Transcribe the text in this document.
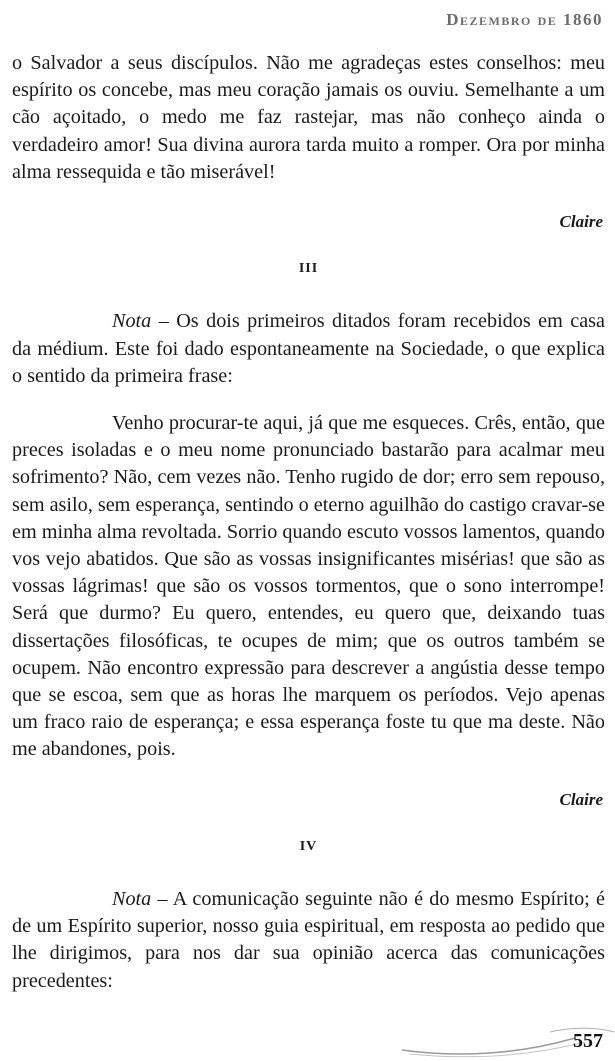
Dezembro de 1860

o Salvador a seus discípulos. Não me agradeças estes conselhos: meu espírito os concebe, mas meu coração jamais os ouviu. Semelhante a um cão açoitado, o medo me faz rastejar, mas não conheço ainda o verdadeiro amor! Sua divina aurora tarda muito a romper. Ora por minha alma ressequida e tão miserável!

Claire
III

Nota – Os dois primeiros ditados foram recebidos em casa da médium. Este foi dado espontaneamente na Sociedade, o que explica o sentido da primeira frase:

Venho procurar-te aqui, já que me esqueces. Crês, então, que preces isoladas e o meu nome pronunciado bastarão para acalmar meu sofrimento? Não, cem vezes não. Tenho rugido de dor; erro sem repouso, sem asilo, sem esperança, sentindo o eterno aguilhão do castigo cravar-se em minha alma revoltada. Sorrio quando escuto vossos lamentos, quando vos vejo abatidos. Que são as vossas insignificantes misérias! que são as vossas lágrimas! que são os vossos tormentos, que o sono interrompe! Será que durmo? Eu quero, entendes, eu quero que, deixando tuas dissertações filosóficas, te ocupes de mim; que os outros também se ocupem. Não encontro expressão para descrever a angústia desse tempo que se escoa, sem que as horas lhe marquem os períodos. Vejo apenas um fraco raio de esperança; e essa esperança foste tu que ma deste. Não me abandones, pois.

Claire
IV

Nota – A comunicação seguinte não é do mesmo Espírito; é de um Espírito superior, nosso guia espiritual, em resposta ao pedido que lhe dirigimos, para nos dar sua opinião acerca das comunicações precedentes:

557
